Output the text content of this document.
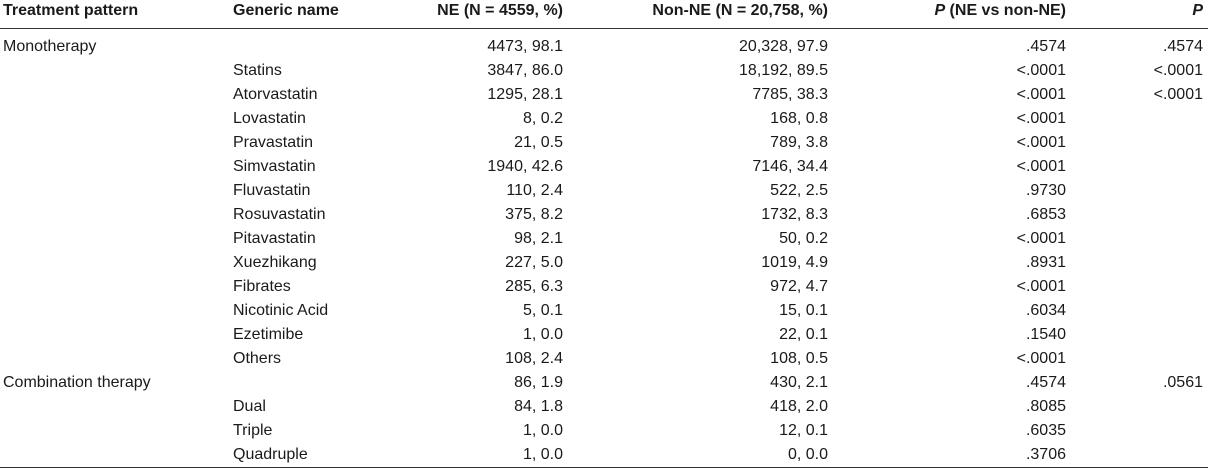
Treatment pattern	Generic name	NE (N = 4559, %)	Non-NE (N = 20,758, %)	P (NE vs non-NE)	P

Monotherapy		4473, 98.1	20,328, 97.9	.4574	.4574
	Statins	3847, 86.0	18,192, 89.5	<.0001	<.0001
	Atorvastatin	1295, 28.1	7785, 38.3	<.0001	<.0001
	Lovastatin	8, 0.2	168, 0.8	<.0001	
	Pravastatin	21, 0.5	789, 3.8	<.0001	
	Simvastatin	1940, 42.6	7146, 34.4	<.0001	
	Fluvastatin	110, 2.4	522, 2.5	.9730	
	Rosuvastatin	375, 8.2	1732, 8.3	.6853	
	Pitavastatin	98, 2.1	50, 0.2	<.0001	
	Xuezhikang	227, 5.0	1019, 4.9	.8931	
	Fibrates	285, 6.3	972, 4.7	<.0001	
	Nicotinic Acid	5, 0.1	15, 0.1	.6034	
	Ezetimibe	1, 0.0	22, 0.1	.1540	
	Others	108, 2.4	108, 0.5	<.0001	
Combination therapy		86, 1.9	430, 2.1	.4574	.0561
	Dual	84, 1.8	418, 2.0	.8085	
	Triple	1, 0.0	12, 0.1	.6035	
	Quadruple	1, 0.0	0, 0.0	.3706	
